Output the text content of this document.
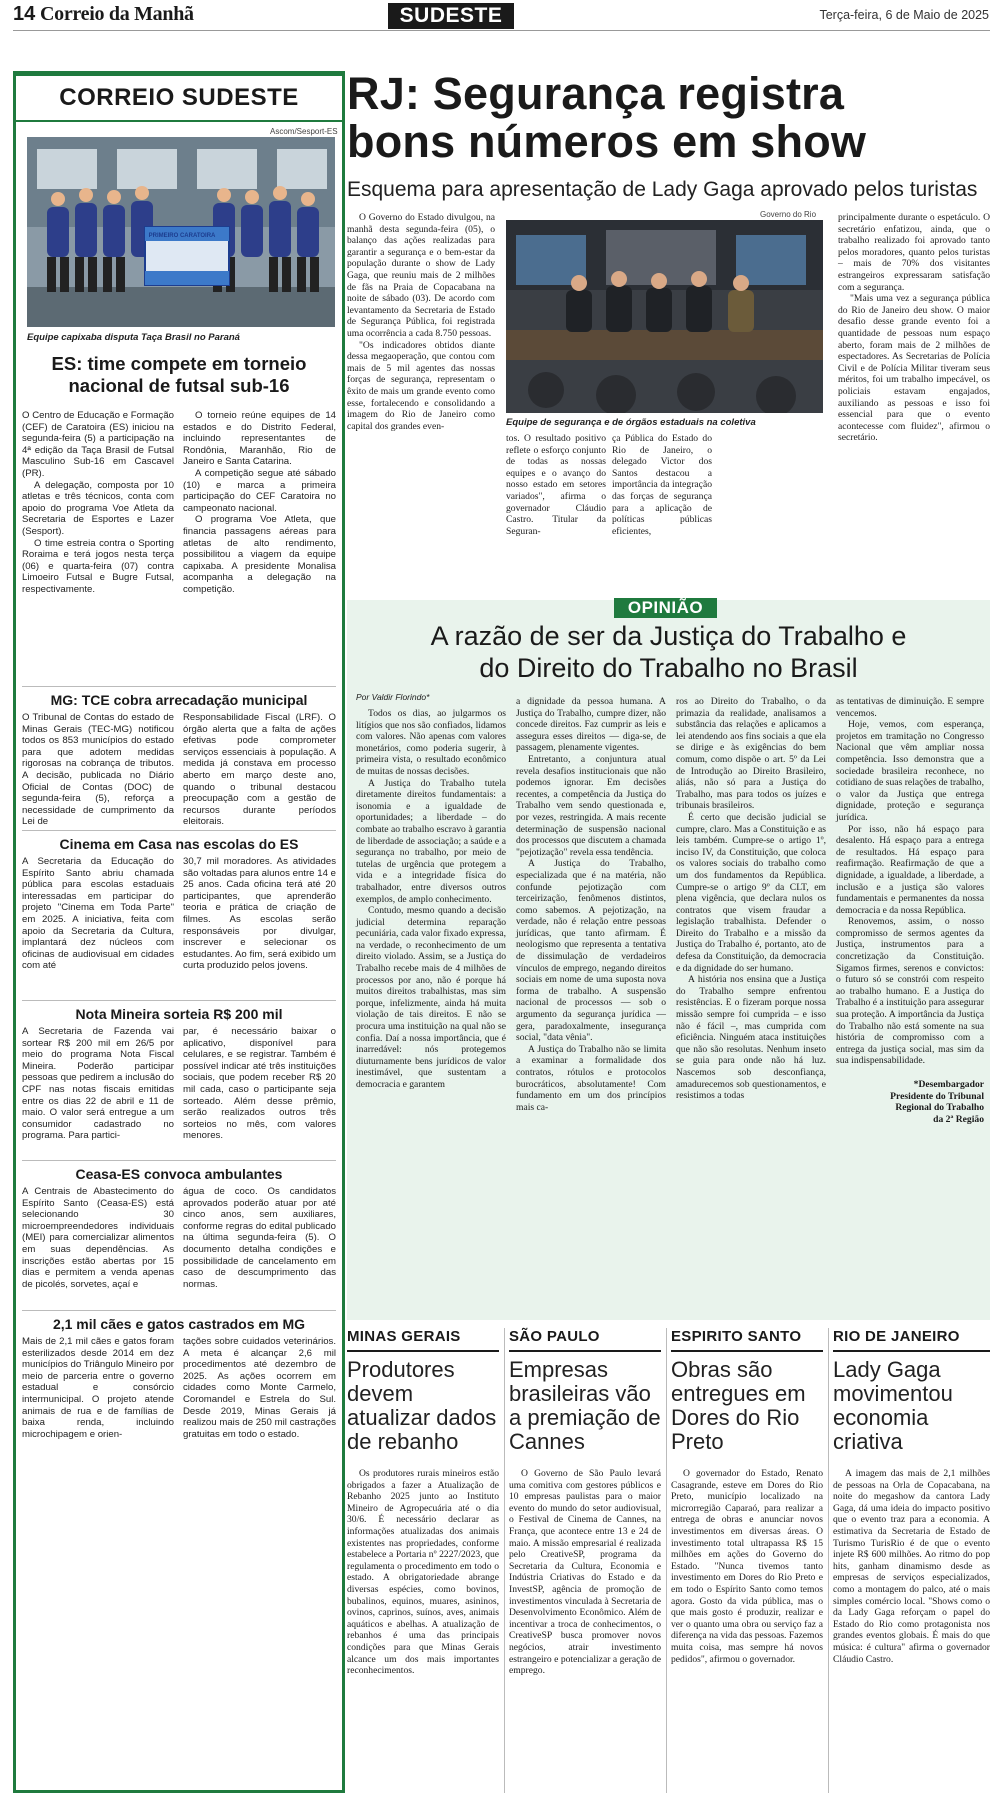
14 Correio da Manhã	SUDESTE	Terça-feira, 6 de Maio de 2025
CORREIO SUDESTE
Ascom/Sesport-ES
PRIMEIRO CARATOIRA
Equipe capixaba disputa Taça Brasil no Paraná
ES: time compete em torneio nacional de futsal sub-16

O Centro de Educação e Formação (CEF) de Caratoira (ES) iniciou na segunda-feira (5) a participação na 4ª edição da Taça Brasil de Futsal Masculino Sub-16 em Cascavel (PR).

A delegação, composta por 10 atletas e três técnicos, conta com apoio do programa Voe Atleta da Secretaria de Esportes e Lazer (Sesport).

O time estreia contra o Sporting Roraima e terá jogos nesta terça (06) e quarta-feira (07) contra Limoeiro Futsal e Bugre Futsal, respectivamente.

O torneio reúne equipes de 14 estados e do Distrito Federal, incluindo representantes de Rondônia, Maranhão, Rio de Janeiro e Santa Catarina.

A competição segue até sábado (10) e marca a primeira participação do CEF Caratoira no campeonato nacional.

O programa Voe Atleta, que financia passagens aéreas para atletas de alto rendimento, possibilitou a viagem da equipe capixaba. A presidente Monalisa acompanha a delegação na competição.

MG: TCE cobra arrecadação municipal

O Tribunal de Contas do estado de Minas Gerais (TEC-MG) notificou todos os 853 municípios do estado para que adotem medidas rigorosas na cobrança de tributos. A decisão, publicada no Diário Oficial de Contas (DOC) de segunda-feira (5), reforça a necessidade de cumprimento da Lei de

Responsabilidade Fiscal (LRF). O órgão alerta que a falta de ações efetivas pode comprometer serviços essenciais à população. A medida já constava em processo aberto em março deste ano, quando o tribunal destacou preocupação com a gestão de recursos durante períodos eleitorais.

Cinema em Casa nas escolas do ES

A Secretaria da Educação do Espírito Santo abriu chamada pública para escolas estaduais interessadas em participar do projeto "Cinema em Toda Parte" em 2025. A iniciativa, feita com apoio da Secretaria da Cultura, implantará dez núcleos com oficinas de audiovisual em cidades com até

30,7 mil moradores. As atividades são voltadas para alunos entre 14 e 25 anos. Cada oficina terá até 20 participantes, que aprenderão teoria e prática de criação de filmes. As escolas serão responsáveis por divulgar, inscrever e selecionar os estudantes. Ao fim, será exibido um curta produzido pelos jovens.

Nota Mineira sorteia R$ 200 mil

A Secretaria de Fazenda vai sortear R$ 200 mil em 26/5 por meio do programa Nota Fiscal Mineira. Poderão participar pessoas que pedirem a inclusão do CPF nas notas fiscais emitidas entre os dias 22 de abril e 11 de maio. O valor será entregue a um consumidor cadastrado no programa. Para partici-

par, é necessário baixar o aplicativo, disponível para celulares, e se registrar. Também é possível indicar até três instituições sociais, que podem receber R$ 20 mil cada, caso o participante seja sorteado. Além desse prêmio, serão realizados outros três sorteios no mês, com valores menores.

Ceasa-ES convoca ambulantes

A Centrais de Abastecimento do Espírito Santo (Ceasa-ES) está selecionando 30 microempreendedores individuais (MEI) para comercializar alimentos em suas dependências. As inscrições estão abertas por 15 dias e permitem a venda apenas de picolés, sorvetes, açaí e

água de coco. Os candidatos aprovados poderão atuar por até cinco anos, sem auxiliares, conforme regras do edital publicado na última segunda-feira (5). O documento detalha condições e possibilidade de cancelamento em caso de descumprimento das normas.

2,1 mil cães e gatos castrados em MG

Mais de 2,1 mil cães e gatos foram esterilizados desde 2014 em dez municípios do Triângulo Mineiro por meio de parceria entre o governo estadual e consórcio intermunicipal. O projeto atende animais de rua e de famílias de baixa renda, incluindo microchipagem e orien-

tações sobre cuidados veterinários. A meta é alcançar 2,6 mil procedimentos até dezembro de 2025. As ações ocorrem em cidades como Monte Carmelo, Coromandel e Estrela do Sul. Desde 2019, Minas Gerais já realizou mais de 250 mil castrações gratuitas em todo o estado.

RJ: Segurança registra
bons números em show
Esquema para apresentação de Lady Gaga aprovado pelos turistas

O Governo do Estado divulgou, na manhã desta segunda-feira (05), o balanço das ações realizadas para garantir a segurança e o bem-estar da população durante o show de Lady Gaga, que reuniu mais de 2 milhões de fãs na Praia de Copacabana na noite de sábado (03). De acordo com levantamento da Secretaria de Estado de Segurança Pública, foi registrada uma ocorrência a cada 8.750 pessoas.

"Os indicadores obtidos diante dessa megaoperação, que contou com mais de 5 mil agentes das nossas forças de segurança, representam o êxito de mais um grande evento como esse, fortalecendo e consolidando a imagem do Rio de Janeiro como capital dos grandes even-

Governo do Rio
Equipe de segurança e de órgãos estaduais na coletiva

tos. O resultado positivo reflete o esforço conjunto de todas as nossas equipes e o avanço do nosso estado em setores variados", afirma o governador Cláudio Castro. Titular da Seguran-

ça Pública do Estado do Rio de Janeiro, o delegado Victor dos Santos destacou a importância da integração das forças de segurança para a aplicação de políticas públicas eficientes,

principalmente durante o espetáculo. O secretário enfatizou, ainda, que o trabalho realizado foi aprovado tanto pelos moradores, quanto pelos turistas – mais de 70% dos visitantes estrangeiros expressaram satisfação com a segurança.

"Mais uma vez a segurança pública do Rio de Janeiro deu show. O maior desafio desse grande evento foi a quantidade de pessoas num espaço aberto, foram mais de 2 milhões de espectadores. As Secretarias de Polícia Civil e de Polícia Militar tiveram seus méritos, foi um trabalho impecável, os policiais estavam engajados, auxiliando as pessoas e isso foi essencial para que o evento acontecesse com fluidez", afirmou o secretário.

OPINIÃO
A razão de ser da Justiça do Trabalho e
do Direito do Trabalho no Brasil
Por Valdir Florindo*

Todos os dias, ao julgarmos os litígios que nos são confiados, lidamos com valores. Não apenas com valores monetários, como poderia sugerir, à primeira vista, o resultado econômico de muitas de nossas decisões.

A Justiça do Trabalho tutela diretamente direitos fundamentais: a isonomia e a igualdade de oportunidades; a liberdade – do combate ao trabalho escravo à garantia de liberdade de associação; a saúde e a segurança no trabalho, por meio de tutelas de urgência que protegem a vida e a integridade física do trabalhador, entre diversos outros exemplos, de amplo conhecimento.

Contudo, mesmo quando a decisão judicial determina reparação pecuniária, cada valor fixado expressa, na verdade, o reconhecimento de um direito violado. Assim, se a Justiça do Trabalho recebe mais de 4 milhões de processos por ano, não é porque há muitos direitos trabalhistas, mas sim porque, infelizmente, ainda há muita violação de tais direitos. E não se procura uma instituição na qual não se confia. Daí a nossa importância, que é inarredável: nós protegemos diuturnamente bens jurídicos de valor inestimável, que sustentam a democracia e garantem

a dignidade da pessoa humana. A Justiça do Trabalho, cumpre dizer, não concede direitos. Faz cumprir as leis e assegura esses direitos — diga-se, de passagem, plenamente vigentes.

Entretanto, a conjuntura atual revela desafios institucionais que não podemos ignorar. Em decisões recentes, a competência da Justiça do Trabalho vem sendo questionada e, por vezes, restringida. A mais recente determinação de suspensão nacional dos processos que discutem a chamada "pejotização" revela essa tendência.

A Justiça do Trabalho, especializada que é na matéria, não confunde pejotização com terceirização, fenômenos distintos, como sabemos. A pejotização, na verdade, não é relação entre pessoas jurídicas, que tanto afirmam. É neologismo que representa a tentativa de dissimulação de verdadeiros vínculos de emprego, negando direitos sociais em nome de uma suposta nova forma de trabalho. A suspensão nacional de processos — sob o argumento da segurança jurídica — gera, paradoxalmente, insegurança social, "data vênia".

A Justiça do Trabalho não se limita a examinar a formalidade dos contratos, rótulos e protocolos burocráticos, absolutamente! Com fundamento em um dos princípios mais ca-

ros ao Direito do Trabalho, o da primazia da realidade, analisamos a substância das relações e aplicamos a lei atendendo aos fins sociais a que ela se dirige e às exigências do bem comum, como dispõe o art. 5º da Lei de Introdução ao Direito Brasileiro, aliás, não só para a Justiça do Trabalho, mas para todos os juízes e tribunais brasileiros.

É certo que decisão judicial se cumpre, claro. Mas a Constituição e as leis também. Cumpre-se o artigo 1º, inciso IV, da Constituição, que coloca os valores sociais do trabalho como um dos fundamentos da República. Cumpre-se o artigo 9º da CLT, em plena vigência, que declara nulos os contratos que visem fraudar a legislação trabalhista. Defender o Direito do Trabalho e a missão da Justiça do Trabalho é, portanto, ato de defesa da Constituição, da democracia e da dignidade do ser humano.

A história nos ensina que a Justiça do Trabalho sempre enfrentou resistências. E o fizeram porque nossa missão sempre foi cumprida – e isso não é fácil –, mas cumprida com eficiência. Ninguém ataca instituições que não são resolutas. Nenhum inseto se guia para onde não há luz. Nascemos sob desconfiança, amadurecemos sob questionamentos, e resistimos a todas

as tentativas de diminuição. E sempre vencemos.

Hoje, vemos, com esperança, projetos em tramitação no Congresso Nacional que vêm ampliar nossa competência. Isso demonstra que a sociedade brasileira reconhece, no cotidiano de suas relações de trabalho, o valor da Justiça que entrega dignidade, proteção e segurança jurídica.

Por isso, não há espaço para desalento. Há espaço para a entrega de resultados. Há espaço para reafirmação. Reafirmação de que a dignidade, a igualdade, a liberdade, a inclusão e a justiça são valores fundamentais e permanentes da nossa democracia e da nossa República.

Renovemos, assim, o nosso compromisso de sermos agentes da Justiça, instrumentos para a concretização da Constituição. Sigamos firmes, serenos e convictos: o futuro só se constrói com respeito ao trabalho humano. E a Justiça do Trabalho é a instituição para assegurar sua proteção. A importância da Justiça do Trabalho não está somente na sua história de compromisso com a entrega da justiça social, mas sim da sua indispensabilidade.

*Desembargador
Presidente do Tribunal
Regional do Trabalho
da 2ª Região
MINAS GERAIS
Produtores devem atualizar dados de rebanho

Os produtores rurais mineiros estão obrigados a fazer a Atualização de Rebanho 2025 junto ao Instituto Mineiro de Agropecuária até o dia 30/6. É necessário declarar as informações atualizadas dos animais existentes nas propriedades, conforme estabelece a Portaria nº 2227/2023, que regulamenta o procedimento em todo o estado. A obrigatoriedade abrange diversas espécies, como bovinos, bubalinos, equinos, muares, asininos, ovinos, caprinos, suínos, aves, animais aquáticos e abelhas. A atualização de rebanhos é uma das principais condições para que Minas Gerais alcance um dos mais importantes reconhecimentos.

SÃO PAULO
Empresas brasileiras vão a premiação de Cannes

O Governo de São Paulo levará uma comitiva com gestores públicos e 10 empresas paulistas para o maior evento do mundo do setor audiovisual, o Festival de Cinema de Cannes, na França, que acontece entre 13 e 24 de maio. A missão empresarial é realizada pelo CreativeSP, programa da Secretaria da Cultura, Economia e Indústria Criativas do Estado e da InvestSP, agência de promoção de investimentos vinculada à Secretaria de Desenvolvimento Econômico. Além de incentivar a troca de conhecimentos, o CreativeSP busca promover novos negócios, atrair investimento estrangeiro e potencializar a geração de emprego.

ESPIRITO SANTO
Obras são entregues em Dores do Rio Preto

O governador do Estado, Renato Casagrande, esteve em Dores do Rio Preto, município localizado na microrregião Caparaó, para realizar a entrega de obras e anunciar novos investimentos em diversas áreas. O investimento total ultrapassa R$ 15 milhões em ações do Governo do Estado. "Nunca tivemos tanto investimento em Dores do Rio Preto e em todo o Espírito Santo como temos agora. Gosto da vida pública, mas o que mais gosto é produzir, realizar e ver o quanto uma obra ou serviço faz a diferença na vida das pessoas. Fazemos muita coisa, mas sempre há novos pedidos", afirmou o governador.

RIO DE JANEIRO
Lady Gaga movimentou economia criativa

A imagem das mais de 2,1 milhões de pessoas na Orla de Copacabana, na noite do megashow da cantora Lady Gaga, dá uma ideia do impacto positivo que o evento traz para a economia. A estimativa da Secretaria de Estado de Turismo TurisRio é de que o evento injete R$ 600 milhões. Ao ritmo do pop hits, ganham dinamismo desde as empresas de serviços especializados, como a montagem do palco, até o mais simples comércio local. "Shows como o da Lady Gaga reforçam o papel do Estado do Rio como protagonista nos grandes eventos globais. É mais do que música: é cultura" afirma o governador Cláudio Castro.
